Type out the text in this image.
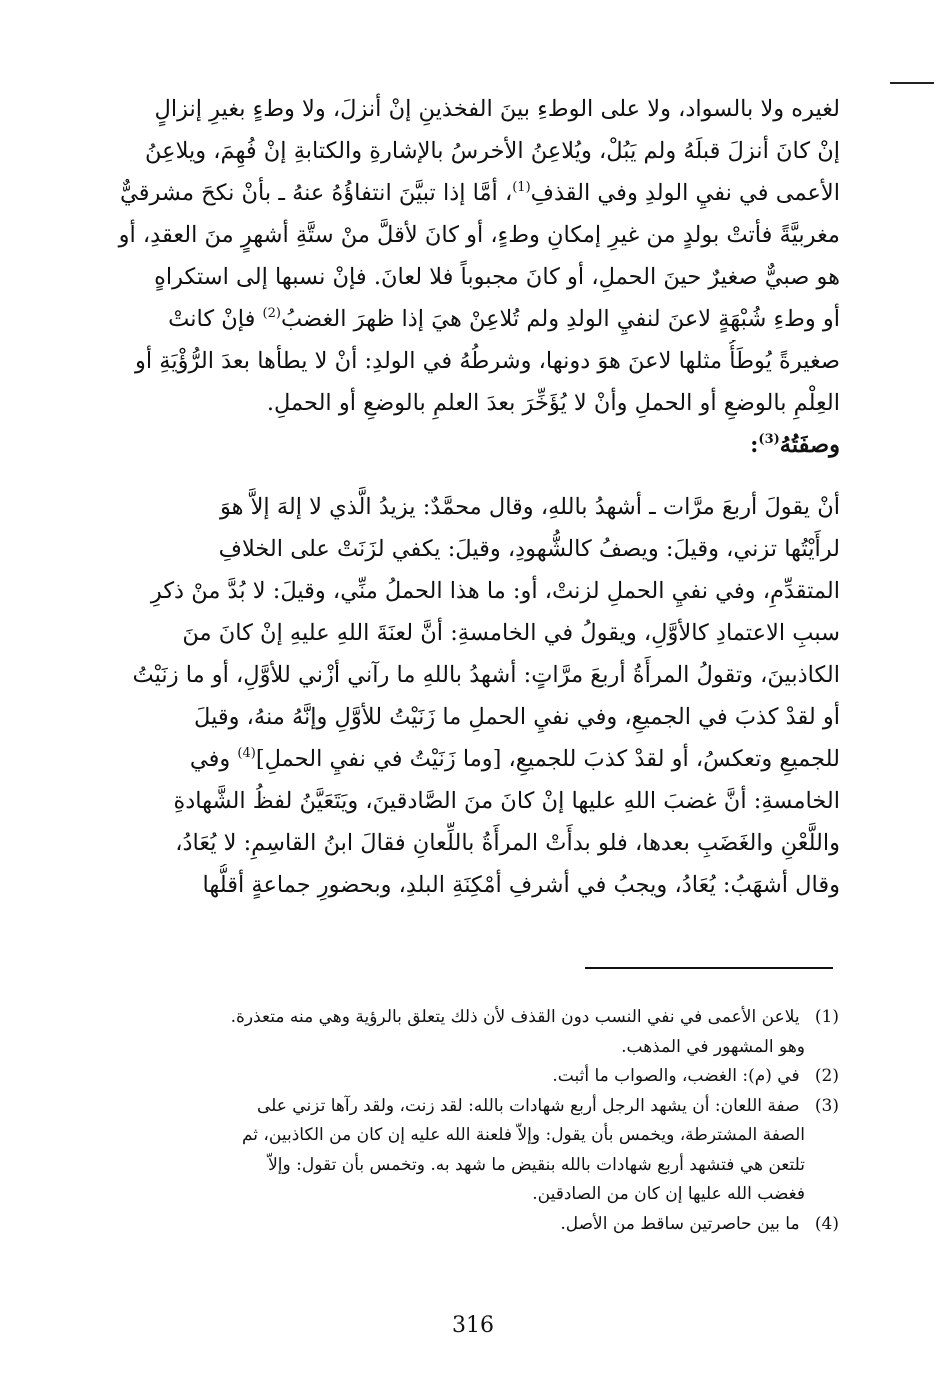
لغيره ولا بالسواد، ولا على الوطءِ بينَ الفخذينِ إنْ أنزلَ، ولا وطءٍ بغيرِ إنزالٍ
إنْ كانَ أنزلَ قبلَهُ ولم يَبُلْ، ويُلاعِنُ الأخرسُ بالإشارةِ والكتابةِ إنْ فُهِمَ، ويلاعِنُ
الأعمى في نفيِ الولدِ وفي القذفِ$^{(1)}$، أمَّا إذا تبيَّنَ انتفاؤُهُ عنهُ ـ بأنْ نكحَ مشرقيٌّ
مغربيَّةً فأتتْ بولدٍ من غيرِ إمكانِ وطءٍ، أو كانَ لأقلَّ منْ ستَّةِ أشهرٍ منَ العقدِ، أو
هو صبيٌّ صغيرٌ حينَ الحملِ، أو كانَ مجبوباً فلا لعانَ. فإنْ نسبها إلى استكراهٍ
أو وطءِ شُبْهَةٍ لاعنَ لنفيِ الولدِ ولم تُلاعِنْ هيَ إذا ظهرَ الغضبُ$^{(2)}$ فإنْ كانتْ
صغيرةً يُوطَأُ مثلها لاعنَ هوَ دونها، وشرطُهُ في الولدِ: أنْ لا يطأها بعدَ الرُّؤْيَةِ أو
العِلْمِ بالوضعِ أو الحملِ وأنْ لا يُؤَخِّرَ بعدَ العلمِ بالوضعِ أو الحملِ.
وصفَتُهُ$^{(3)}$:
أنْ يقولَ أربعَ مرَّات ـ أشهدُ باللهِ، وقال محمَّدٌ: يزيدُ الَّذي لا إلهَ إلاَّ هوَ
لرأَيْتُها تزني، وقيلَ: ويصفُ كالشُّهودِ، وقيلَ: يكفي لزَنَتْ على الخلافِ
المتقدِّمِ، وفي نفيِ الحملِ لزنتْ، أو: ما هذا الحملُ منِّي، وقيلَ: لا بُدَّ منْ ذكرِ
سببِ الاعتمادِ كالأوَّلِ، ويقولُ في الخامسةِ: أنَّ لعنَةَ اللهِ عليهِ إنْ كانَ منَ
الكاذبينَ، وتقولُ المرأَةُ أربعَ مرَّاتٍ: أشهدُ باللهِ ما رآني أزْني للأوَّلِ، أو ما زنَيْتُ
أو لقدْ كذبَ في الجميعِ، وفي نفيِ الحملِ ما زَنَيْتُ للأوَّلِ وإنَّهُ منهُ، وقيلَ
للجميعِ وتعكسُ، أو لقدْ كذبَ للجميعِ، [وما زَنَيْتُ في نفيِ الحملِ]$^{(4)}$ وفي
الخامسةِ: أنَّ غضبَ اللهِ عليها إنْ كانَ منَ الصَّادقينَ، ويَتَعَيَّنُ لفظُ الشَّهادةِ
واللَّعْنِ والغَضَبِ بعدها، فلو بدأَتْ المرأَةُ باللِّعانِ فقالَ ابنُ القاسِمِ: لا يُعَادُ،
وقال أشهَبُ: يُعَادُ، ويجبُ في أشرفِ أمْكِنَةِ البلدِ، وبحضورِ جماعةٍ أقلُّها
(1) يلاعن الأعمى في نفي النسب دون القذف لأن ذلك يتعلق بالرؤية وهي منه متعذرة.
وهو المشهور في المذهب.
(2) في (م): الغضب، والصواب ما أثبت.
(3) صفة اللعان: أن يشهد الرجل أربع شهادات بالله: لقد زنت، ولقد رآها تزني على
الصفة المشترطة، ويخمس بأن يقول: وإلاّ فلعنة الله عليه إن كان من الكاذبين، ثم
تلتعن هي فتشهد أربع شهادات بالله بنقيض ما شهد به. وتخمس بأن تقول: وإلاّ
فغضب الله عليها إن كان من الصادقين.
(4) ما بين حاصرتين ساقط من الأصل.
316
